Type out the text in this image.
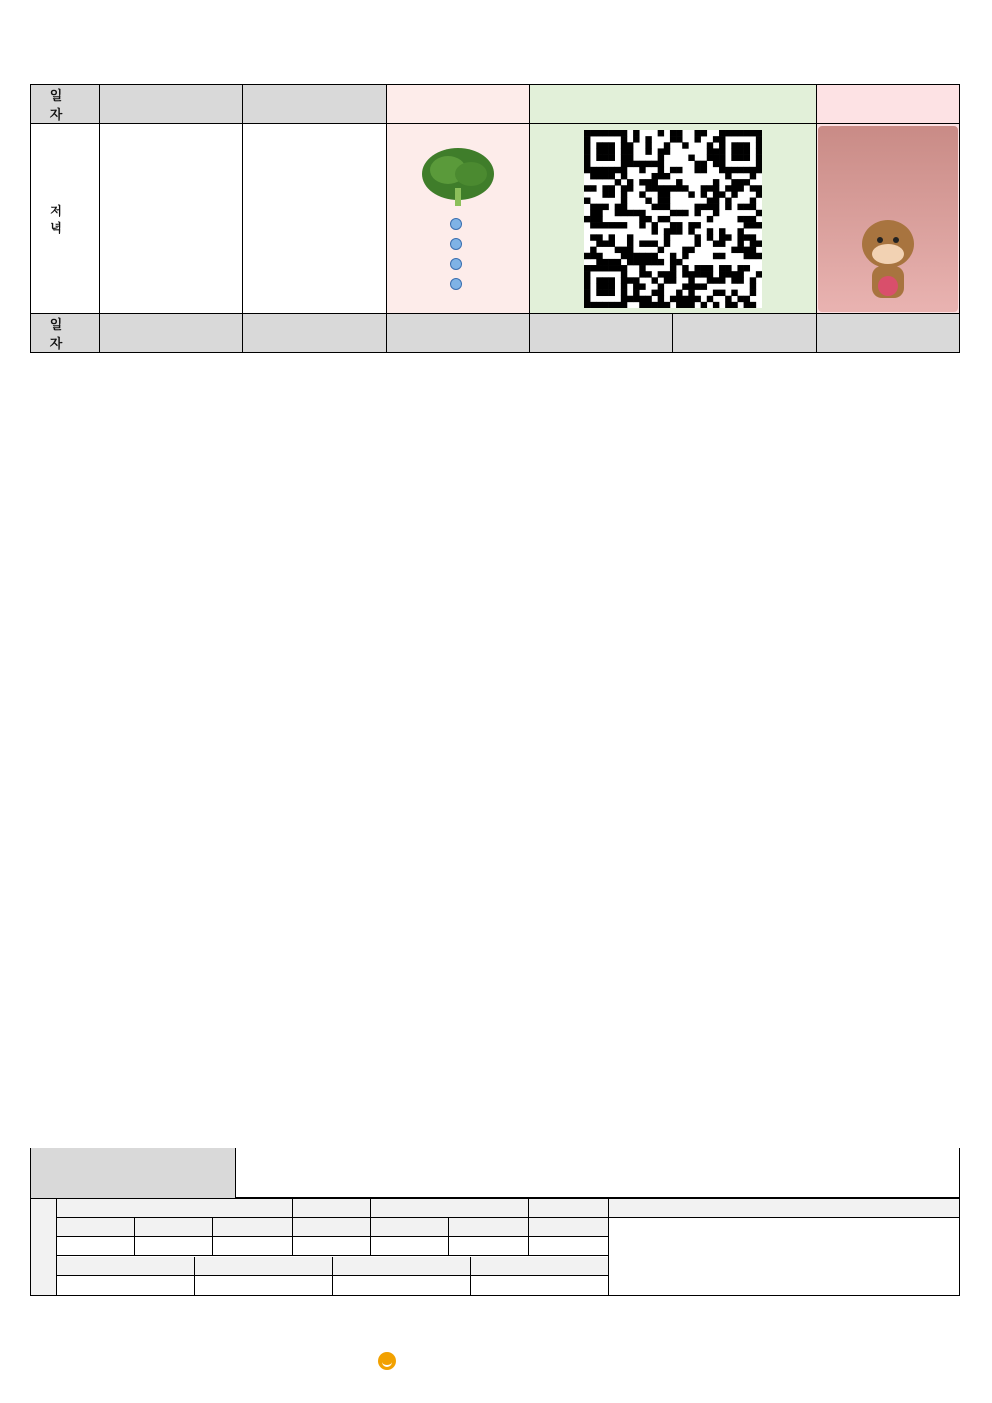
일 자						
저 녁	

일 자						
